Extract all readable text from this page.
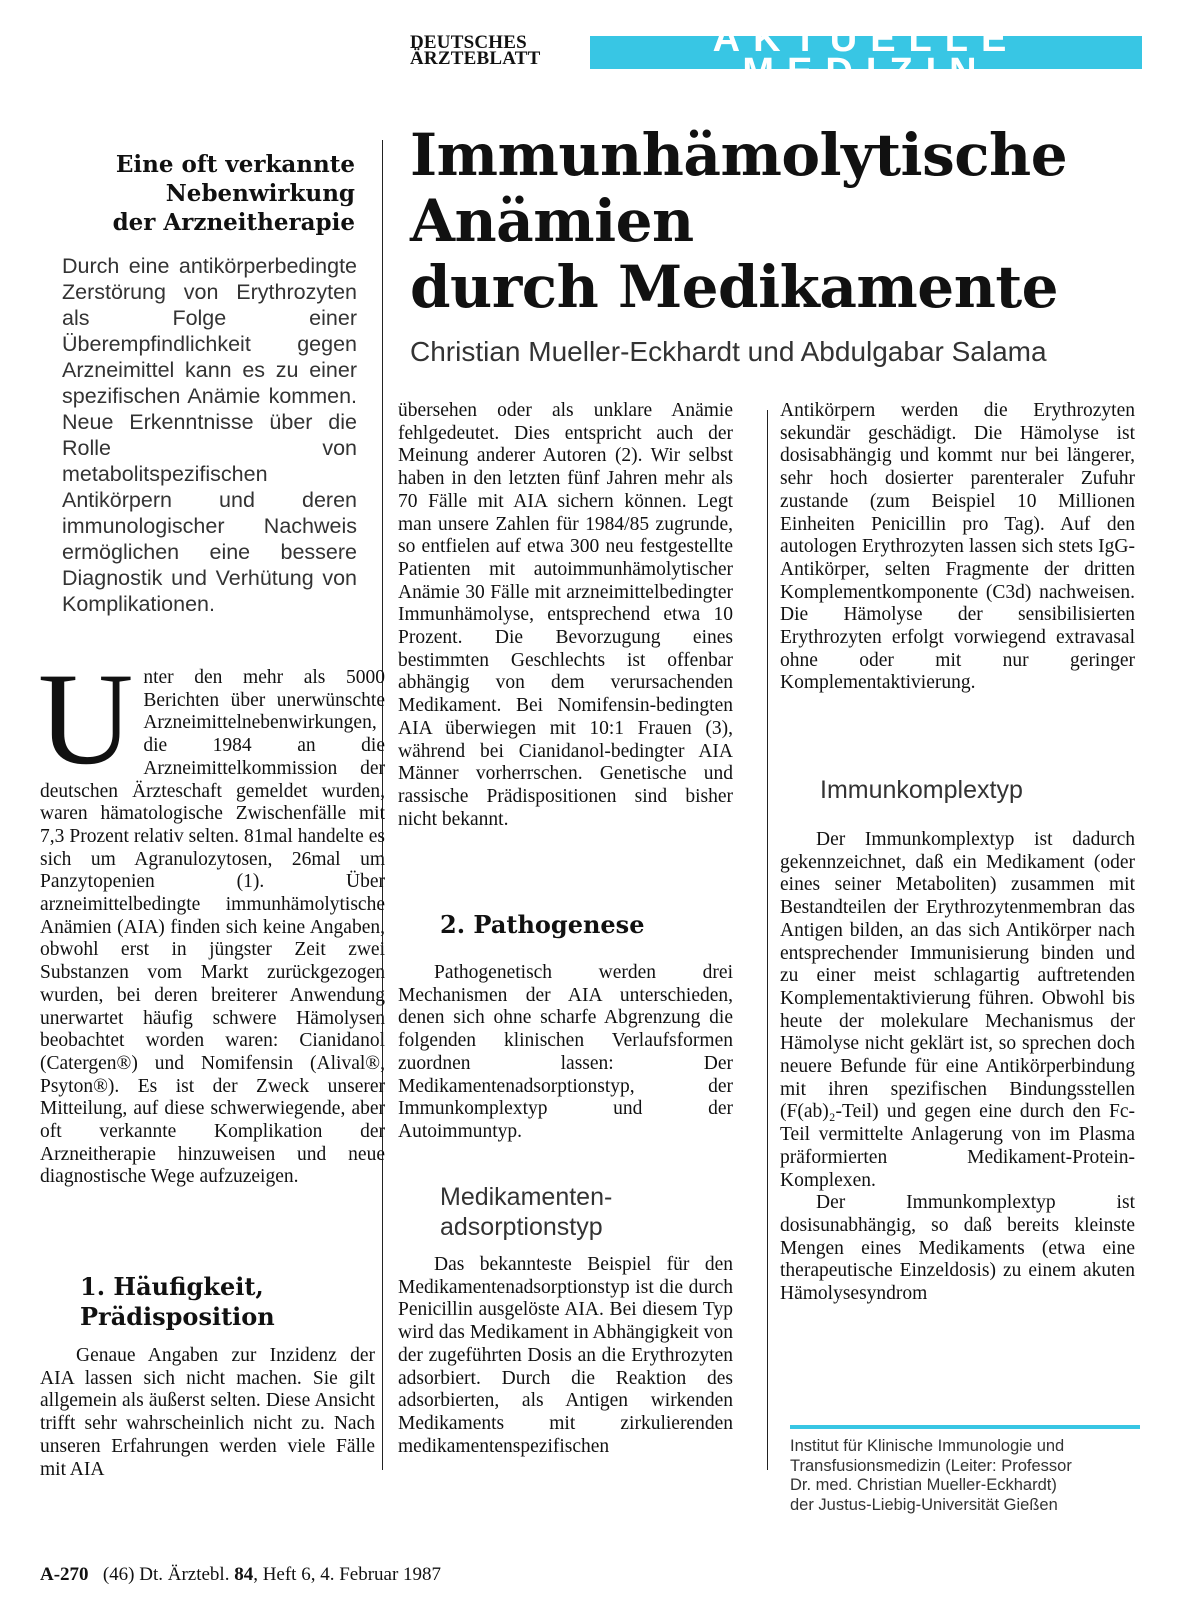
DEUTSCHES
ÄRZTEBLATT	AKTUELLE MEDIZIN
Immunhämolytische
Anämien
durch Medikamente
Christian Mueller-Eckhardt und Abdulgabar Salama
Eine oft verkannte
Nebenwirkung
der Arzneitherapie
Durch eine antikörperbedingte Zerstörung von Erythrozyten als Folge einer Überempfindlichkeit gegen Arzneimittel kann es zu einer spezifischen Anämie kommen. Neue Erkenntnisse über die Rolle von metabolitspezifischen Antikörpern und deren immunologischer Nachweis ermöglichen eine bessere Diagnostik und Verhütung von Komplikationen.
U nter den mehr als 5000 Berichten über unerwünschte Arzneimittelnebenwirkungen, die 1984 an die Arzneimittelkommission der deutschen Ärzteschaft gemeldet wurden, waren hämatologische Zwischenfälle mit 7,3 Prozent relativ selten. 81mal handelte es sich um Agranulozytosen, 26mal um Panzytopenien (1). Über arzneimittelbedingte immunhämolytische Anämien (AIA) finden sich keine Angaben, obwohl erst in jüngster Zeit zwei Substanzen vom Markt zurückgezogen wurden, bei deren breiterer Anwendung unerwartet häufig schwere Hämolysen beobachtet worden waren: Cianidanol (Catergen®) und Nomifensin (Alival®, Psyton®). Es ist der Zweck unserer Mitteilung, auf diese schwerwiegende, aber oft verkannte Komplikation der Arzneitherapie hinzuweisen und neue diagnostische Wege aufzuzeigen.

1. Häufigkeit,
Prädisposition

Genaue Angaben zur Inzidenz der AIA lassen sich nicht machen. Sie gilt allgemein als äußerst selten. Diese Ansicht trifft sehr wahrscheinlich nicht zu. Nach unseren Erfahrungen werden viele Fälle mit AIA

übersehen oder als unklare Anämie fehlgedeutet. Dies entspricht auch der Meinung anderer Autoren (2). Wir selbst haben in den letzten fünf Jahren mehr als 70 Fälle mit AIA sichern können. Legt man unsere Zahlen für 1984/85 zugrunde, so entfielen auf etwa 300 neu festgestellte Patienten mit autoimmunhämolytischer Anämie 30 Fälle mit arzneimittelbedingter Immunhämolyse, entsprechend etwa 10 Prozent. Die Bevorzugung eines bestimmten Geschlechts ist offenbar abhängig von dem verursachenden Medikament. Bei Nomifensin-bedingten AIA überwiegen mit 10:1 Frauen (3), während bei Cianidanol-bedingter AIA Männer vorherrschen. Genetische und rassische Prädispositionen sind bisher nicht bekannt.

2. Pathogenese

Pathogenetisch werden drei Mechanismen der AIA unterschieden, denen sich ohne scharfe Abgrenzung die folgenden klinischen Verlaufsformen zuordnen lassen: Der Medikamentenadsorptionstyp, der Immunkomplextyp und der Autoimmuntyp.

Medikamenten-
adsorptionstyp

Das bekannteste Beispiel für den Medikamentenadsorptionstyp ist die durch Penicillin ausgelöste AIA. Bei diesem Typ wird das Medikament in Abhängigkeit von der zugeführten Dosis an die Erythrozyten adsorbiert. Durch die Reaktion des adsorbierten, als Antigen wirkenden Medikaments mit zirkulierenden medikamentenspezifischen

Antikörpern werden die Erythrozyten sekundär geschädigt. Die Hämolyse ist dosisabhängig und kommt nur bei längerer, sehr hoch dosierter parenteraler Zufuhr zustande (zum Beispiel 10 Millionen Einheiten Penicillin pro Tag). Auf den autologen Erythrozyten lassen sich stets IgG-Antikörper, selten Fragmente der dritten Komplementkomponente (C3d) nachweisen. Die Hämolyse der sensibilisierten Erythrozyten erfolgt vorwiegend extravasal ohne oder mit nur geringer Komplementaktivierung.

Immunkomplextyp

Der Immunkomplextyp ist dadurch gekennzeichnet, daß ein Medikament (oder eines seiner Metaboliten) zusammen mit Bestandteilen der Erythrozytenmembran das Antigen bilden, an das sich Antikörper nach entsprechender Immunisierung binden und zu einer meist schlagartig auftretenden Komplementaktivierung führen. Obwohl bis heute der molekulare Mechanismus der Hämolyse nicht geklärt ist, so sprechen doch neuere Befunde für eine Antikörperbindung mit ihren spezifischen Bindungsstellen (F(ab)₂-Teil) und gegen eine durch den Fc-Teil vermittelte Anlagerung von im Plasma präformierten Medikament-Protein-Komplexen.

Der Immunkomplextyp ist dosisunabhängig, so daß bereits kleinste Mengen eines Medikaments (etwa eine therapeutische Einzeldosis) zu einem akuten Hämolysesyndrom

Institut für Klinische Immunologie und
Transfusionsmedizin (Leiter: Professor
Dr. med. Christian Mueller-Eckhardt)
der Justus-Liebig-Universität Gießen
A-270 (46) Dt. Ärztebl. 84, Heft 6, 4. Februar 1987
